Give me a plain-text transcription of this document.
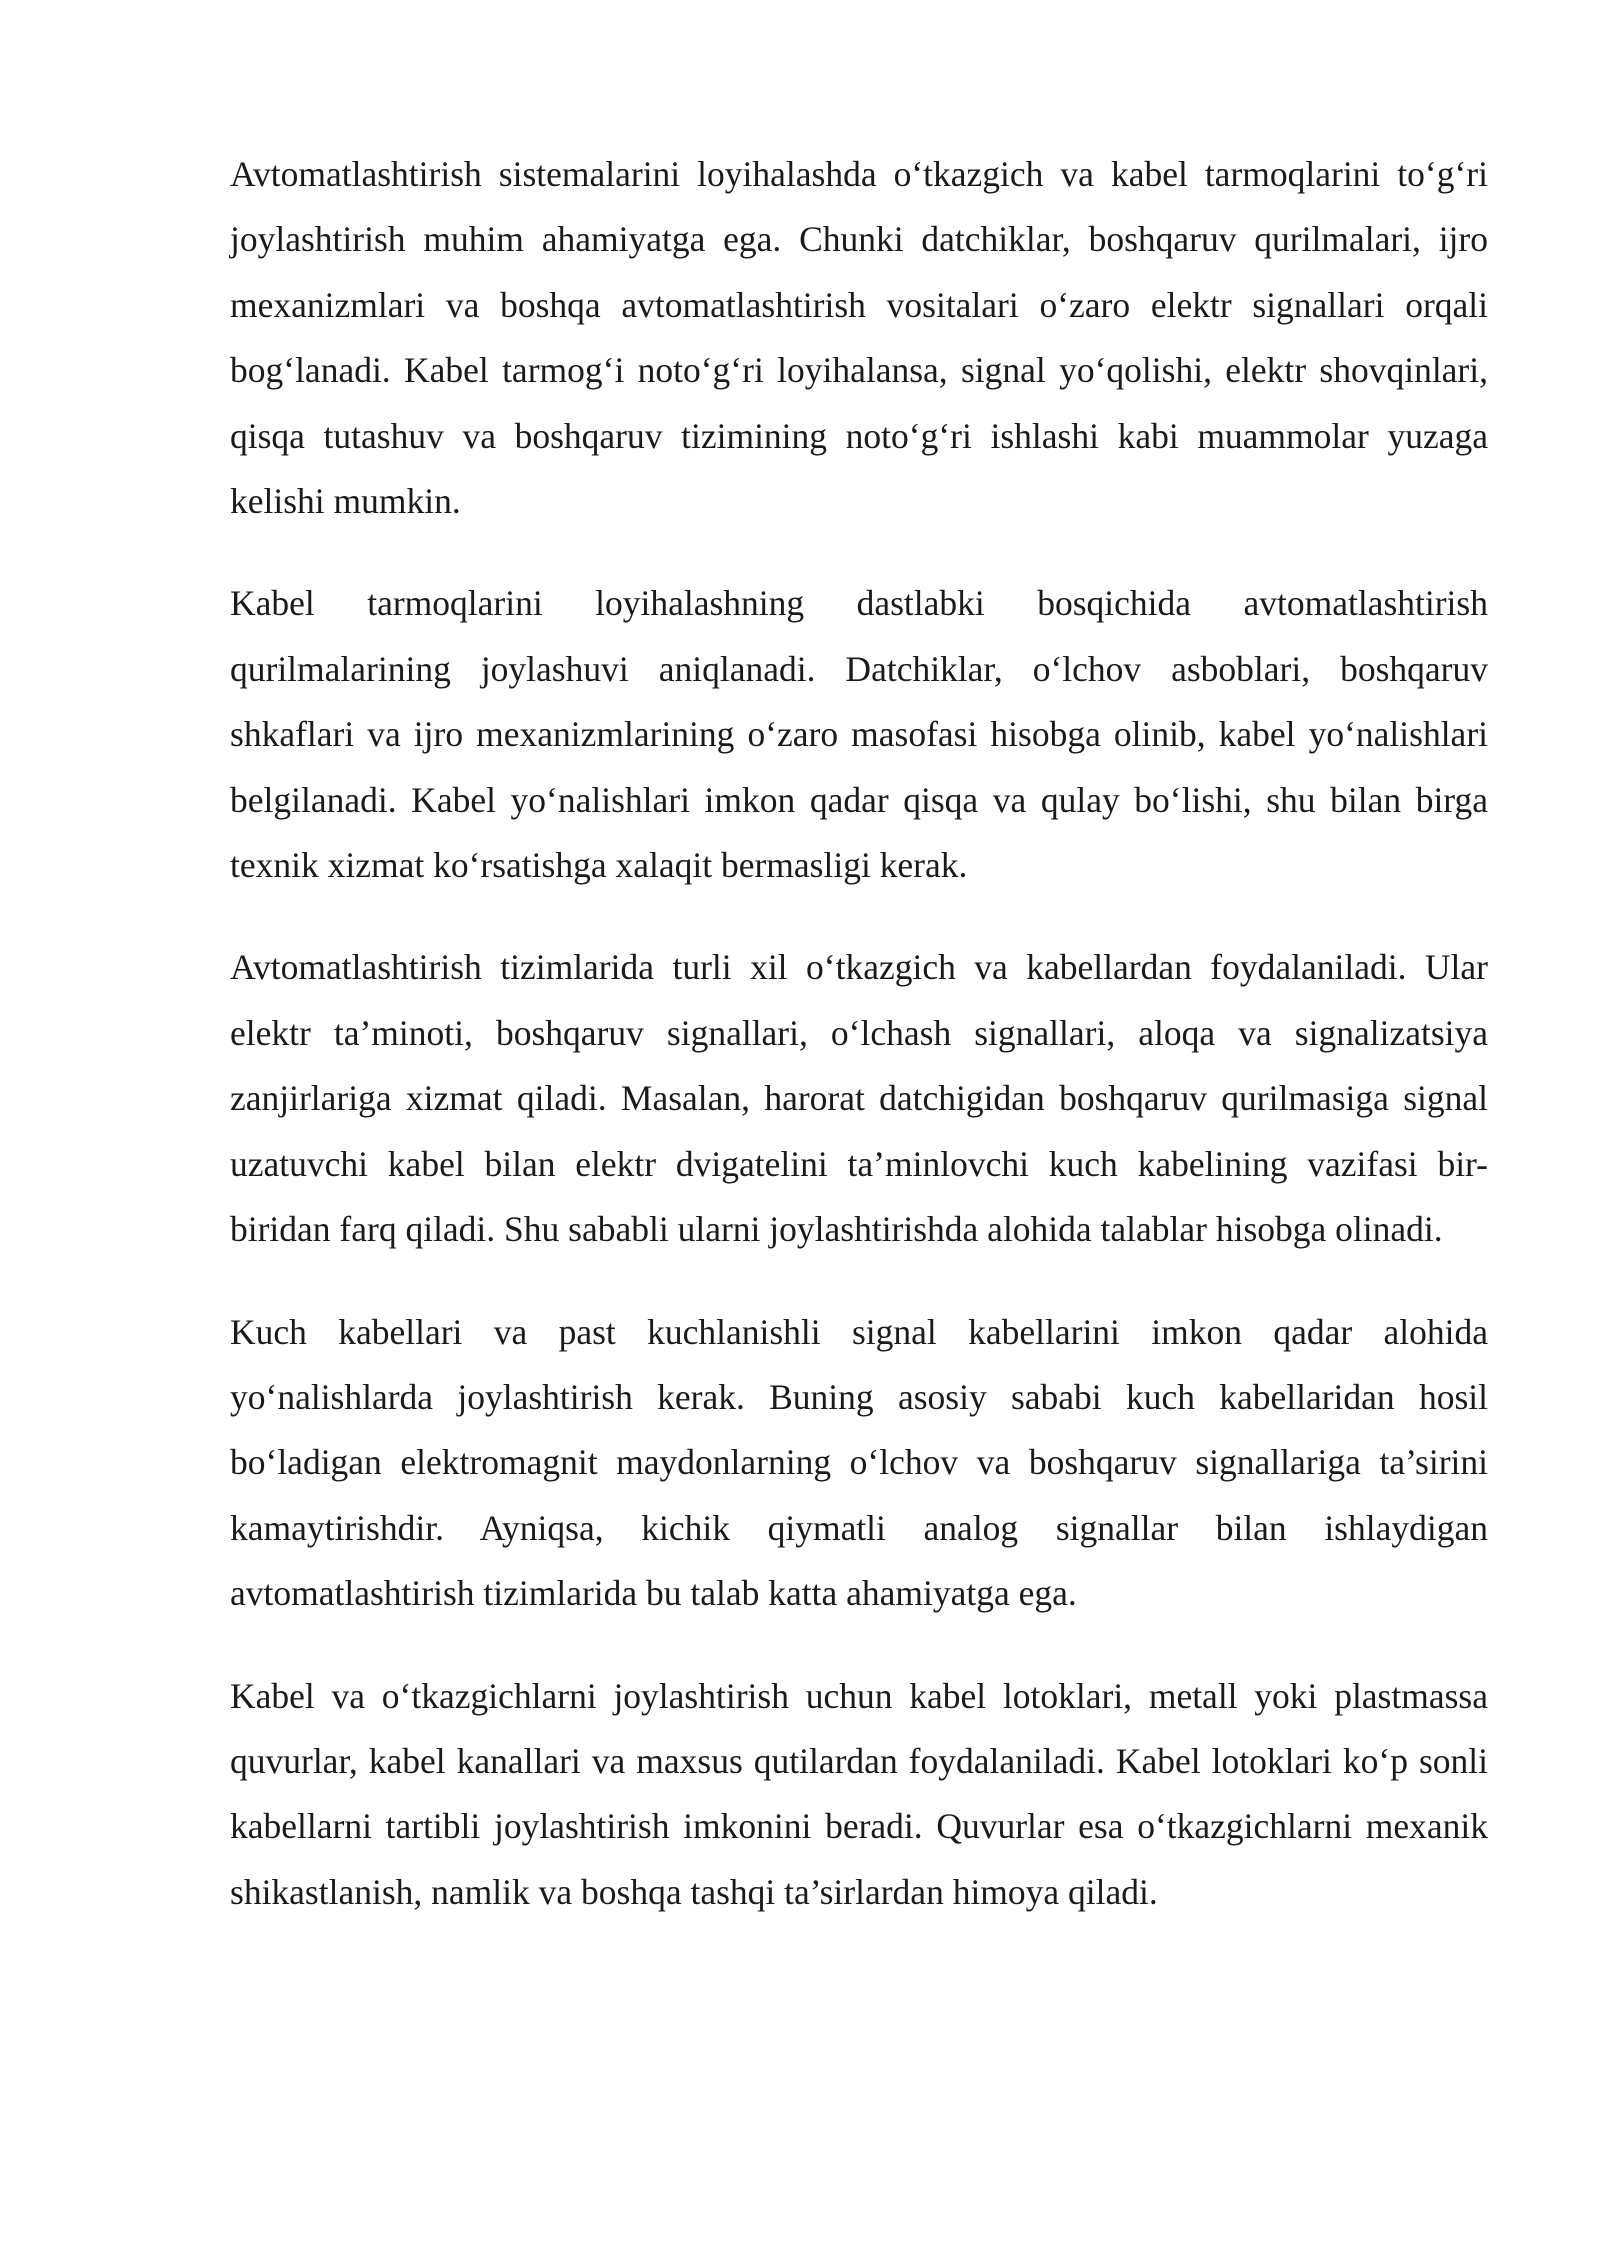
Avtomatlashtirish sistemalarini loyihalashda o‘tkazgich va kabel tarmoqlarini to‘g‘ri joylashtirish muhim ahamiyatga ega. Chunki datchiklar, boshqaruv qurilmalari, ijro mexanizmlari va boshqa avtomatlashtirish vositalari o‘zaro elektr signallari orqali bog‘lanadi. Kabel tarmog‘i noto‘g‘ri loyihalansa, signal yo‘qolishi, elektr shovqinlari, qisqa tutashuv va boshqaruv tizimining noto‘g‘ri ishlashi kabi muammolar yuzaga kelishi mumkin.

Kabel tarmoqlarini loyihalashning dastlabki bosqichida avtomatlashtirish qurilmalarining joylashuvi aniqlanadi. Datchiklar, o‘lchov asboblari, boshqaruv shkaflari va ijro mexanizmlarining o‘zaro masofasi hisobga olinib, kabel yo‘nalishlari belgilanadi. Kabel yo‘nalishlari imkon qadar qisqa va qulay bo‘lishi, shu bilan birga texnik xizmat ko‘rsatishga xalaqit bermasligi kerak.

Avtomatlashtirish tizimlarida turli xil o‘tkazgich va kabellardan foydalaniladi. Ular elektr ta’minoti, boshqaruv signallari, o‘lchash signallari, aloqa va signalizatsiya zanjirlariga xizmat qiladi. Masalan, harorat datchigidan boshqaruv qurilmasiga signal uzatuvchi kabel bilan elektr dvigatelini ta’minlovchi kuch kabelining vazifasi bir-biridan farq qiladi. Shu sababli ularni joylashtirishda alohida talablar hisobga olinadi.

Kuch kabellari va past kuchlanishli signal kabellarini imkon qadar alohida yo‘nalishlarda joylashtirish kerak. Buning asosiy sababi kuch kabellaridan hosil bo‘ladigan elektromagnit maydonlarning o‘lchov va boshqaruv signallariga ta’sirini kamaytirishdir. Ayniqsa, kichik qiymatli analog signallar bilan ishlaydigan avtomatlashtirish tizimlarida bu talab katta ahamiyatga ega.

Kabel va o‘tkazgichlarni joylashtirish uchun kabel lotoklari, metall yoki plastmassa quvurlar, kabel kanallari va maxsus qutilardan foydalaniladi. Kabel lotoklari ko‘p sonli kabellarni tartibli joylashtirish imkonini beradi. Quvurlar esa o‘tkazgichlarni mexanik shikastlanish, namlik va boshqa tashqi ta’sirlardan himoya qiladi.
